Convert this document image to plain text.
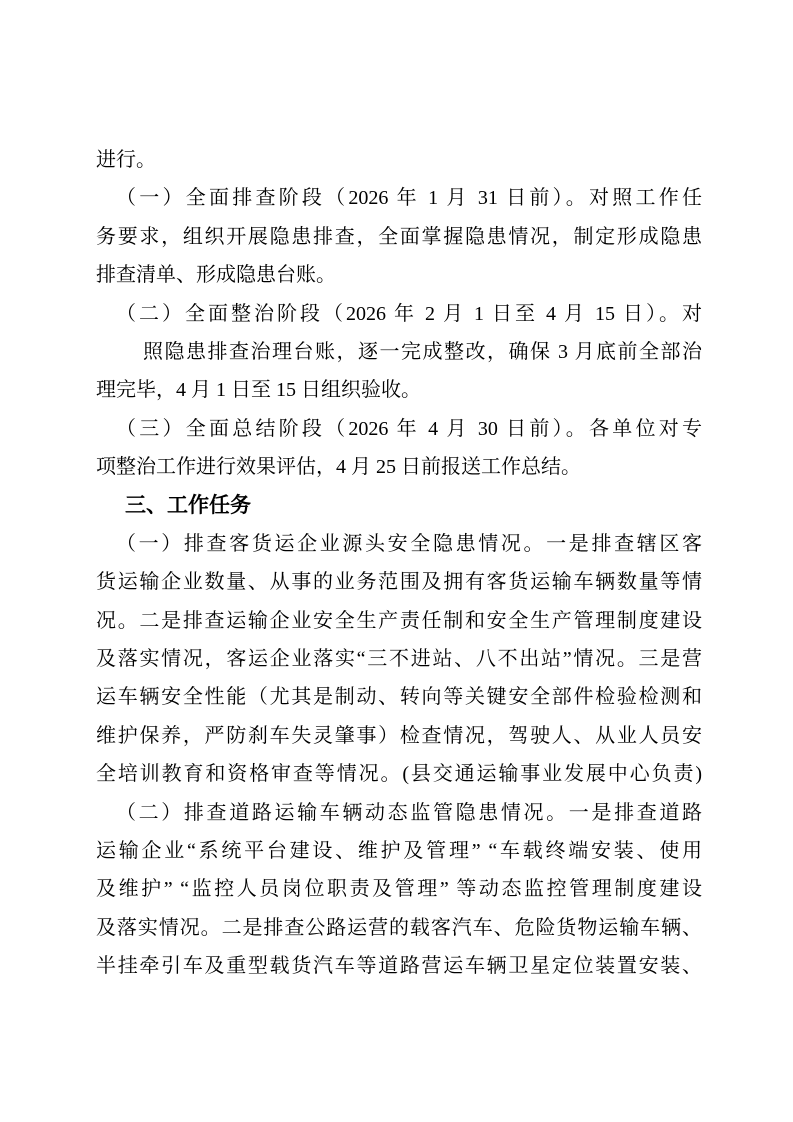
进行。
（一）全面排查阶段（2026 年 1 月 31 日前）。对照工作任
务要求，组织开展隐患排查，全面掌握隐患情况，制定形成隐患
排查清单、形成隐患台账。
（二）全面整治阶段（2026 年 2 月 1 日至 4 月 15 日）。对
照隐患排查治理台账，逐一完成整改，确保 3 月底前全部治
理完毕，4 月 1 日至 15 日组织验收。
（三）全面总结阶段（2026 年 4 月 30 日前）。各单位对专
项整治工作进行效果评估，4 月 25 日前报送工作总结。
三、工作任务
（一）排查客货运企业源头安全隐患情况。一是排查辖区客
货运输企业数量、从事的业务范围及拥有客货运输车辆数量等情
况。二是排查运输企业安全生产责任制和安全生产管理制度建设
及落实情况，客运企业落实“三不进站、八不出站”情况。三是营
运车辆安全性能（尤其是制动、转向等关键安全部件检验检测和
维护保养，严防刹车失灵肇事）检查情况，驾驶人、从业人员安
全培训教育和资格审查等情况。(县交通运输事业发展中心负责)
（二）排查道路运输车辆动态监管隐患情况。一是排查道路
运输企业“系统平台建设、维护及管理” “车载终端安装、使用
及维护” “监控人员岗位职责及管理” 等动态监控管理制度建设
及落实情况。二是排查公路运营的载客汽车、危险货物运输车辆、
半挂牵引车及重型载货汽车等道路营运车辆卫星定位装置安装、
